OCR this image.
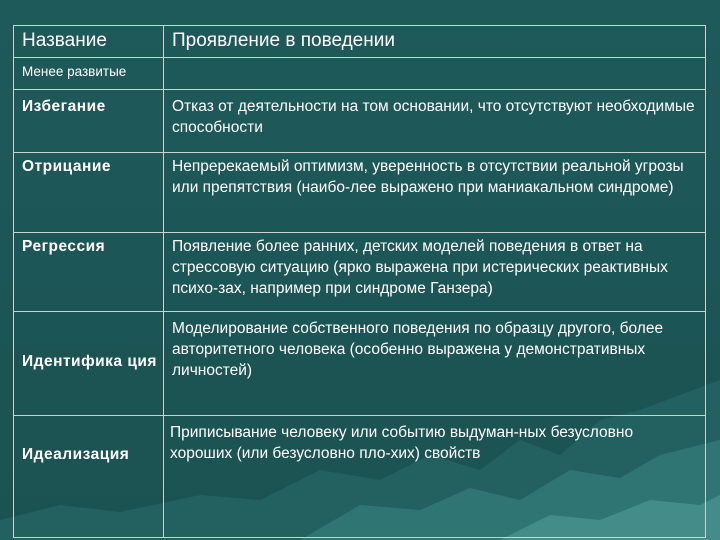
Название	Проявление в поведении
Менее развитые	
Избегание	Отказ от деятельности на том основании, что отсутствуют необходимые способности
Отрицание	Непререкаемый оптимизм, уверенность в отсутствии реальной угрозы или препятствия (наибо-лее выражено при маниакальном синдроме)
Регрессия	Появление более ранних, детских моделей поведения в ответ на стрессовую ситуацию (ярко выражена при истерических реактивных психо-зах, например при синдроме Ганзера)
Идентифика ция	Моделирование собственного поведения по образцу другого, более авторитетного человека (особенно выражена у демонстративных личностей)
Идеализация	Приписывание человеку или событию выдуман-ных безусловно хороших (или безусловно пло-хих) свойств
